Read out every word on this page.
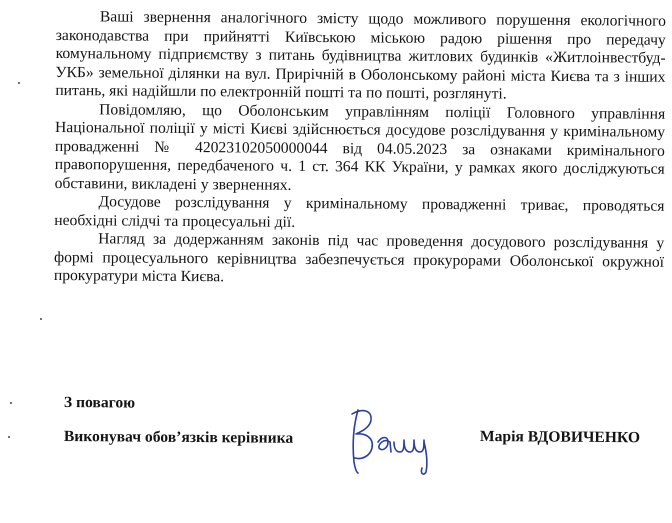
Ваші звернення аналогічного змісту щодо можливого порушення екологічного законодавства при прийнятті Київською міською радою рішення про передачу комунальному підприємству з питань будівництва житлових будинків «Житлоінвестбуд-УКБ» земельної ділянки на вул. Прирічній в Оболонському районі міста Києва та з інших питань, які надійшли по електронній пошті та по пошті, розглянуті.

Повідомляю, що Оболонським управлінням поліції Головного управління Національної поліції у місті Києві здійснюється досудове розслідування у кримінальному провадженні № 42023102050000044 від 04.05.2023 за ознаками кримінального правопорушення, передбаченого ч. 1 ст. 364 КК України, у рамках якого досліджуються обставини, викладені у зверненнях.

Досудове розслідування у кримінальному провадженні триває, проводяться необхідні слідчі та процесуальні дії.

Нагляд за додержанням законів під час проведення досудового розслідування у формі процесуального керівництва забезпечується прокурорами Оболонської окружної прокуратури міста Києва.

З повагою
Виконувач обов’язків керівника	Марія ВДОВИЧЕНКО
